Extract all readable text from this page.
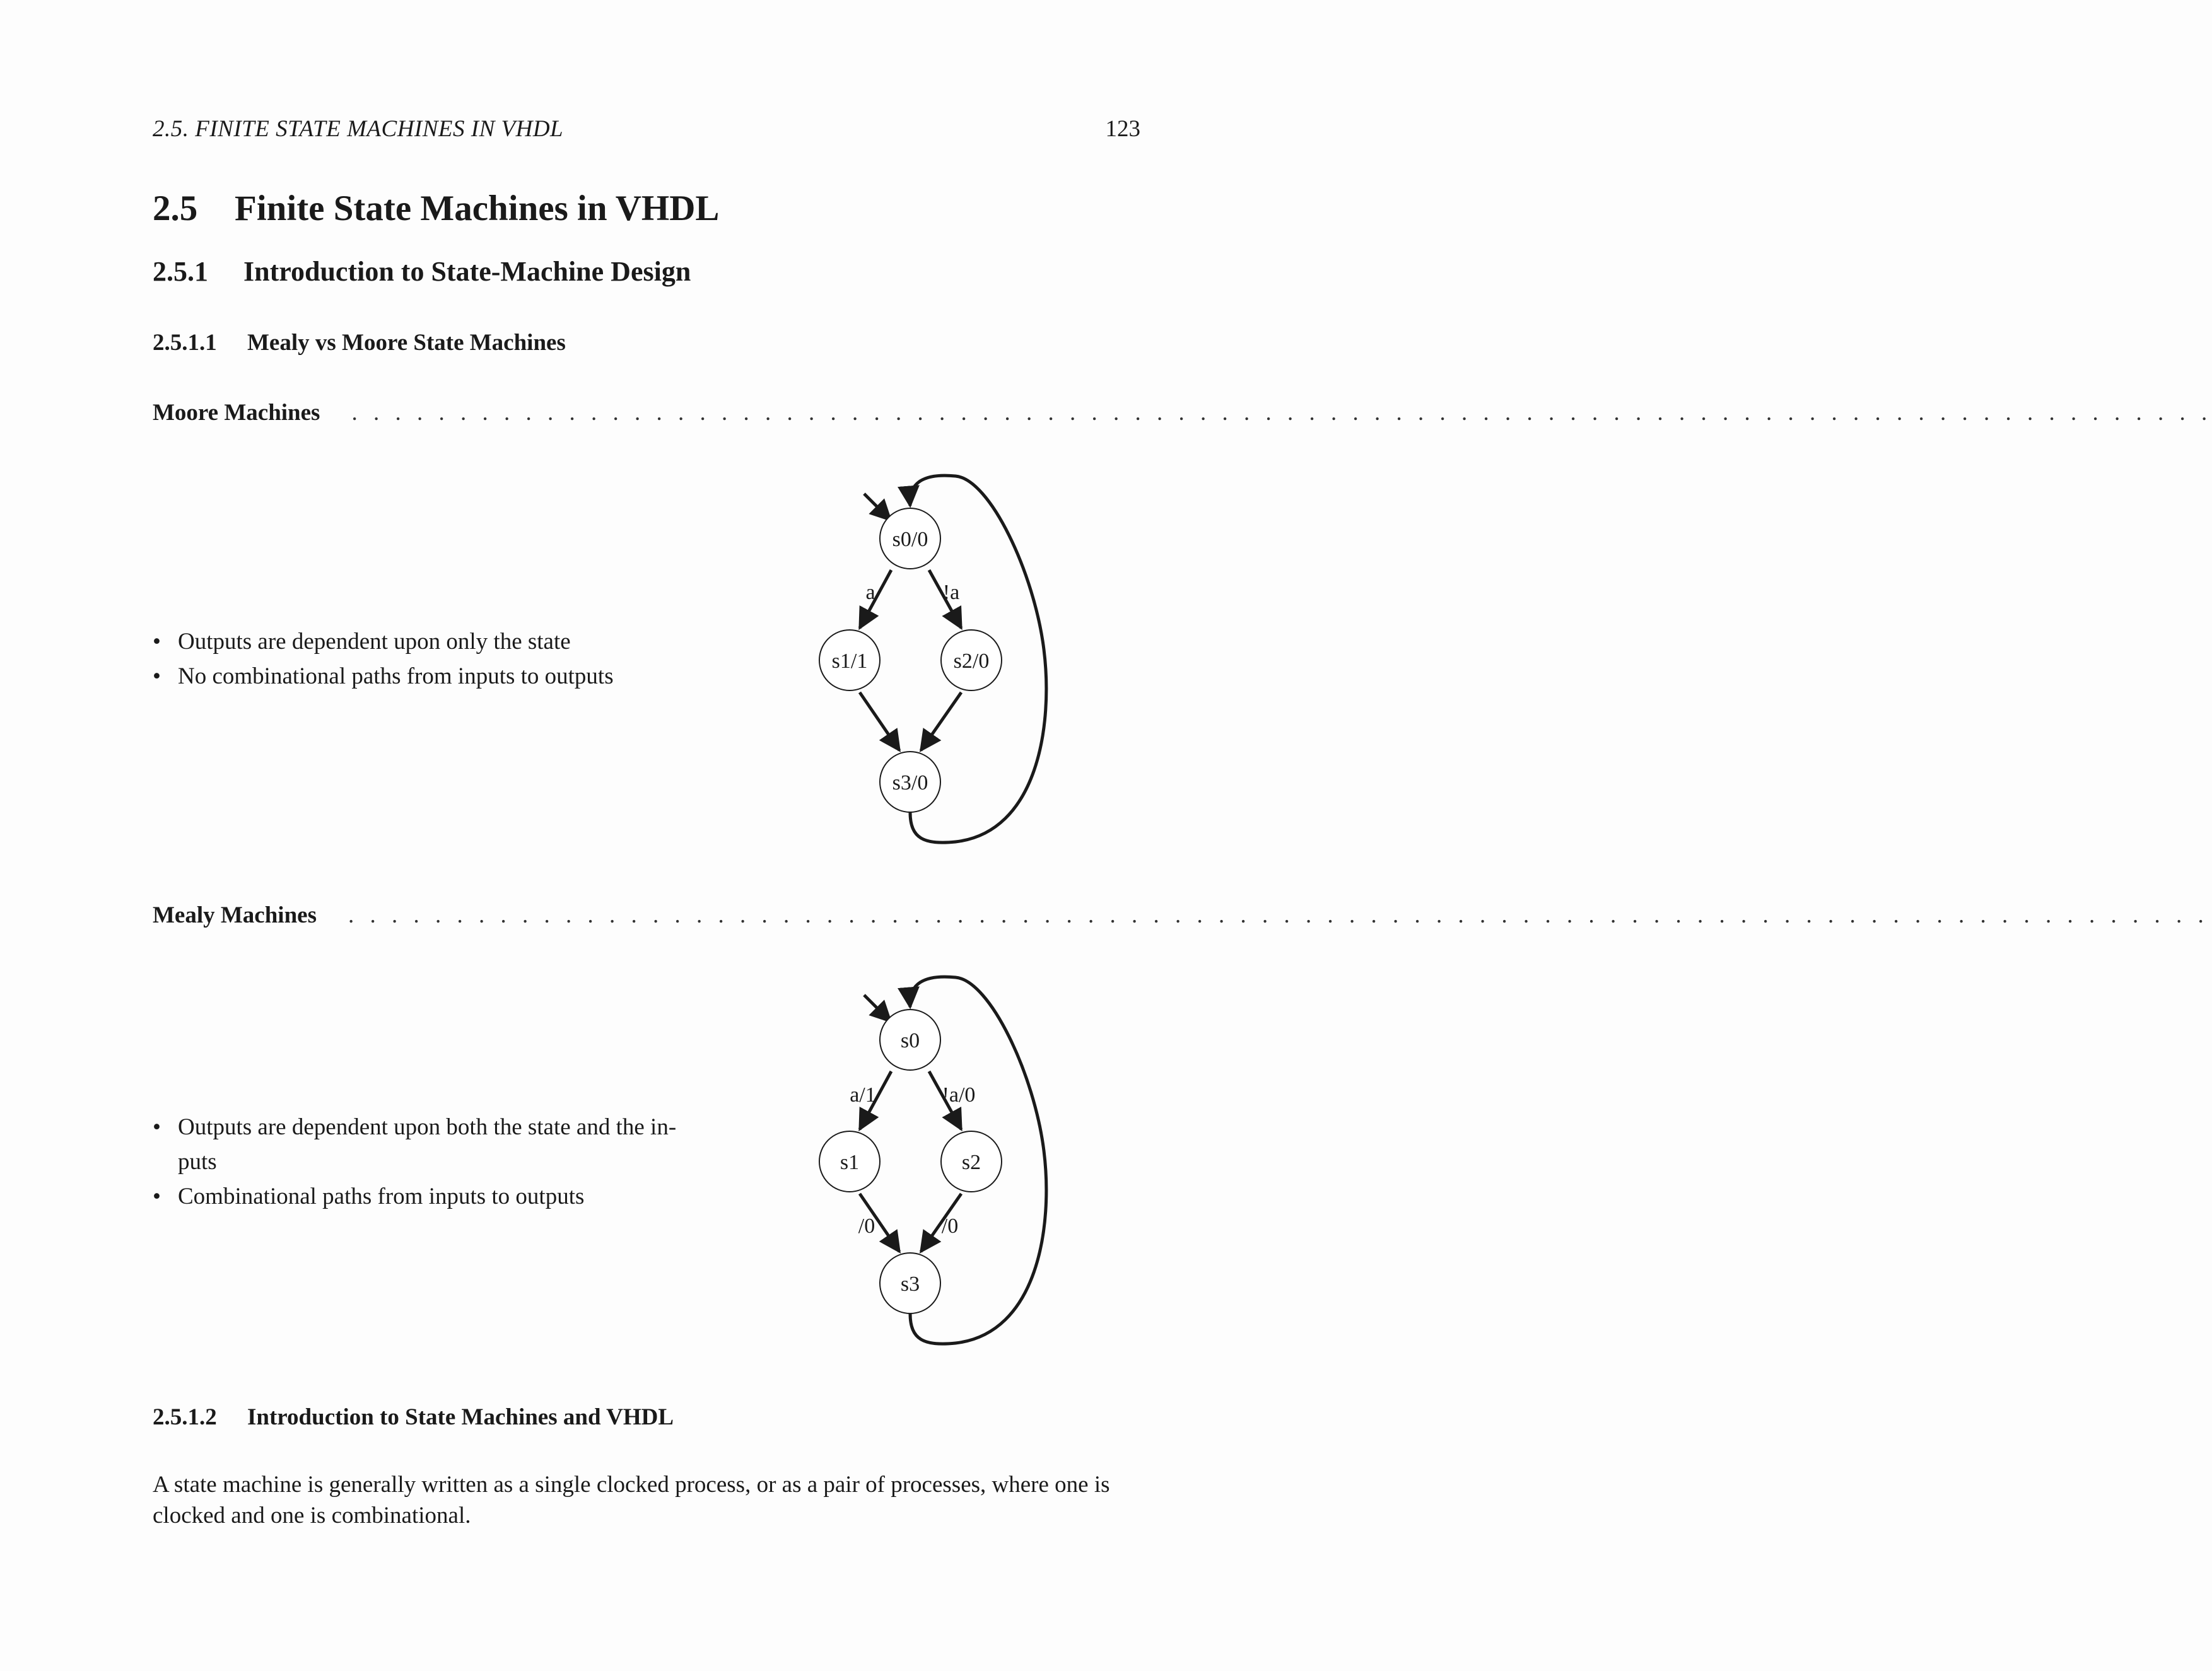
2.5. FINITE STATE MACHINES IN VHDL	123
2.5 Finite State Machines in VHDL
2.5.1 Introduction to State-Machine Design
2.5.1.1 Mealy vs Moore State Machines
Moore Machines . . . . . . . . . . . . . . . . . . . . . . . . . . . . . . . . . . . . . . . . . . . . . . . . . . . . . . . . . . . . . . . . . . . . . . . . . . . . . . . . . . . . . .
• Outputs are dependent upon only the state
• No combinational paths from inputs to outputs
s0/0
s1/1	s2/0
s3/0
a	!a
Mealy Machines . . . . . . . . . . . . . . . . . . . . . . . . . . . . . . . . . . . . . . . . . . . . . . . . . . . . . . . . . . . . . . . . . . . . . . . . . . . . . . . . . . . . . .
• Outputs are dependent upon both the state and the in-
puts
• Combinational paths from inputs to outputs
s0
s1	s2
s3
a/1	!a/0
/0	/0
2.5.1.2 Introduction to State Machines and VHDL
A state machine is generally written as a single clocked process, or as a pair of processes, where one is clocked and one is combinational.
